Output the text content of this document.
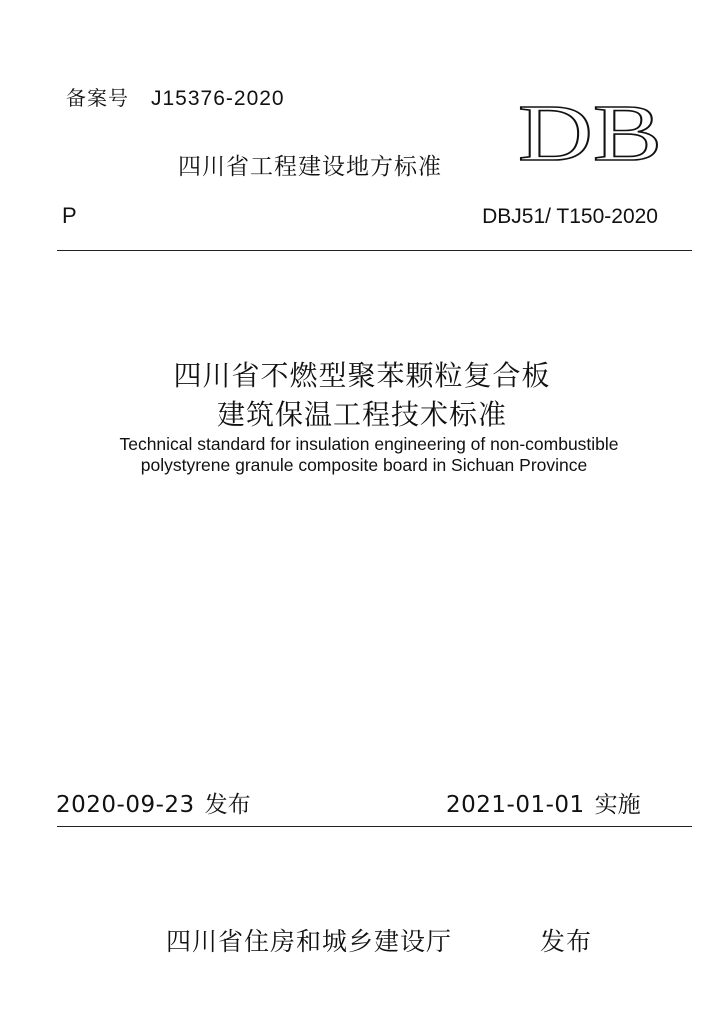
备案号 J15376-2020	DB
四川省工程建设地方标准
P	DBJ51/ T150-2020
四川省不燃型聚苯颗粒复合板
建筑保温工程技术标准
Technical standard for insulation engineering of non-combustible
polystyrene granule composite board in Sichuan Province
2020-09-23 发布	2021-01-01 实施
四川省住房和城乡建设厅	发布
